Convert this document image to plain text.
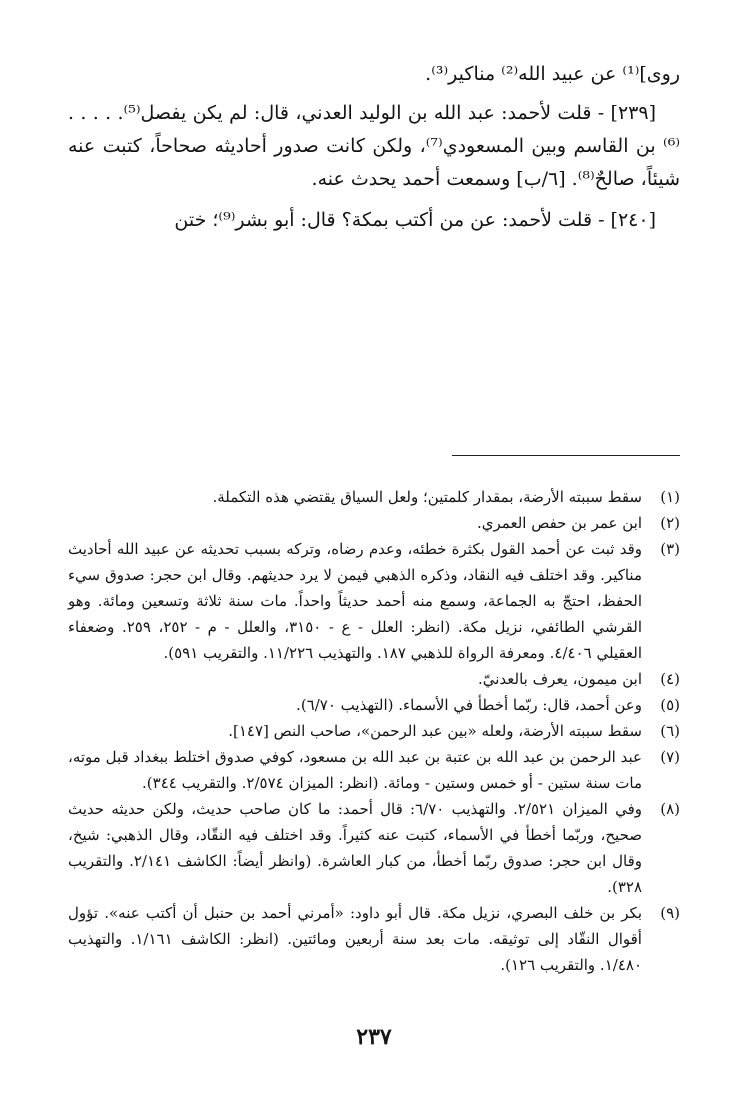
روى]⁽¹⁾ عن عبيد الله⁽²⁾ مناكير⁽³⁾.

[٢٣٩] - قلت لأحمد: عبد الله بن الوليد العدني، قال: لم يكن يفصل⁽⁵⁾. . . . . ⁽⁶⁾ بن القاسم وبين المسعودي⁽⁷⁾، ولكن كانت صدور أحاديثه صحاحاً، كتبت عنه شيئاً، صالحٌ⁽⁸⁾. [٦/ب] وسمعت أحمد يحدث عنه.

[٢٤٠] - قلت لأحمد: عن من أكتب بمكة؟ قال: أبو بشر⁽⁹⁾؛ ختن

(١)
سقط سببته الأرضة، بمقدار كلمتين؛ ولعل السياق يقتضي هذه التكملة.
(٢)
ابن عمر بن حفص العمري.
(٣)
وقد ثبت عن أحمد القول بكثرة خطئه، وعدم رضاه، وتركه بسبب تحديثه عن عبيد الله أحاديث مناكير. وقد اختلف فيه النقاد، وذكره الذهبي فيمن لا يرد حديثهم. وقال ابن حجر: صدوق سيء الحفظ، احتجّ به الجماعة، وسمع منه أحمد حديثاً واحداً. مات سنة ثلاثة وتسعين ومائة. وهو القرشي الطائفي، نزيل مكة. (انظر: العلل - ع - ٣١٥٠، والعلل - م - ٢٥٢، ٢٥٩. وضعفاء العقيلي ٤/٤٠٦. ومعرفة الرواة للذهبي ١٨٧. والتهذيب ١١/٢٢٦. والتقريب ٥٩١).
(٤)
ابن ميمون، يعرف بالعدنيّ.
(٥)
وعن أحمد، قال: ربّما أخطأ في الأسماء. (التهذيب ٦/٧٠).
(٦)
سقط سببته الأرضة، ولعله «بين عبد الرحمن»، صاحب النص [١٤٧].
(٧)
عبد الرحمن بن عبد الله بن عتبة بن عبد الله بن مسعود، كوفي صدوق اختلط ببغداد قبل موته، مات سنة ستين - أو خمس وستين - ومائة. (انظر: الميزان ٢/٥٧٤. والتقريب ٣٤٤).
(٨)
وفي الميزان ٢/٥٢١. والتهذيب ٦/٧٠: قال أحمد: ما كان صاحب حديث، ولكن حديثه حديث صحيح، وربّما أخطأ في الأسماء، كتبت عنه كثيراً. وقد اختلف فيه النقّاد، وقال الذهبي: شيخ، وقال ابن حجر: صدوق ربّما أخطأ، من كبار العاشرة. (وانظر أيضاً: الكاشف ٢/١٤١. والتقريب ٣٢٨).
(٩)
بكر بن خلف البصري، نزيل مكة. قال أبو داود: «أمرني أحمد بن حنبل أن أكتب عنه». تؤول أقوال النقّاد إلى توثيقه. مات بعد سنة أربعين ومائتين. (انظر: الكاشف ١/١٦١. والتهذيب ١/٤٨٠. والتقريب ١٢٦).
٢٣٧
